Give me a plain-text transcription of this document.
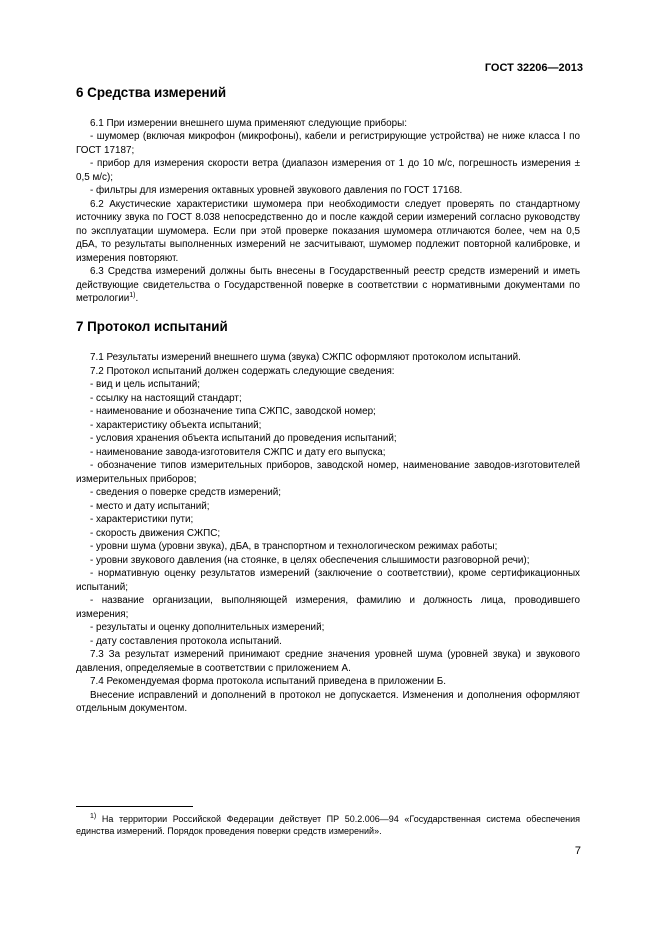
ГОСТ 32206—2013
6 Средства измерений

6.1 При измерении внешнего шума применяют следующие приборы:

- шумомер (включая микрофон (микрофоны), кабели и регистрирующие устройства) не ниже класса I по ГОСТ 17187;

- прибор для измерения скорости ветра (диапазон измерения от 1 до 10 м/с, погрешность измерения ± 0,5 м/с);

- фильтры для измерения октавных уровней звукового давления по ГОСТ 17168.

6.2 Акустические характеристики шумомера при необходимости следует проверять по стандартному источнику звука по ГОСТ 8.038 непосредственно до и после каждой серии измерений согласно руководству по эксплуатации шумомера. Если при этой проверке показания шумомера отличаются более, чем на 0,5 дБА, то результаты выполненных измерений не засчитывают, шумомер подлежит повторной калибровке, и измерения повторяют.

6.3 Средства измерений должны быть внесены в Государственный реестр средств измерений и иметь действующие свидетельства о Государственной поверке в соответствии с нормативными документами по метрологии$^{1)}$.

7 Протокол испытаний

7.1 Результаты измерений внешнего шума (звука) СЖПС оформляют протоколом испытаний.

7.2 Протокол испытаний должен содержать следующие сведения:

- вид и цель испытаний;

- ссылку на настоящий стандарт;

- наименование и обозначение типа СЖПС, заводской номер;

- характеристику объекта испытаний;

- условия хранения объекта испытаний до проведения испытаний;

- наименование завода-изготовителя СЖПС и дату его выпуска;

- обозначение типов измерительных приборов, заводской номер, наименование заводов-изготовителей измерительных приборов;

- сведения о поверке средств измерений;

- место и дату испытаний;

- характеристики пути;

- скорость движения СЖПС;

- уровни шума (уровни звука), дБА, в транспортном и технологическом режимах работы;

- уровни звукового давления (на стоянке, в целях обеспечения слышимости разговорной речи);

- нормативную оценку результатов измерений (заключение о соответствии), кроме сертификационных испытаний;

- название организации, выполняющей измерения, фамилию и должность лица, проводившего измерения;

- результаты и оценку дополнительных измерений;

- дату составления протокола испытаний.

7.3 За результат измерений принимают средние значения уровней шума (уровней звука) и звукового давления, определяемые в соответствии с приложением А.

7.4 Рекомендуемая форма протокола испытаний приведена в приложении Б.

Внесение исправлений и дополнений в протокол не допускается. Изменения и дополнения оформляют отдельным документом.

$^{1)}$ На территории Российской Федерации действует ПР 50.2.006—94 «Государственная система обеспечения единства измерений. Порядок проведения поверки средств измерений».
7
